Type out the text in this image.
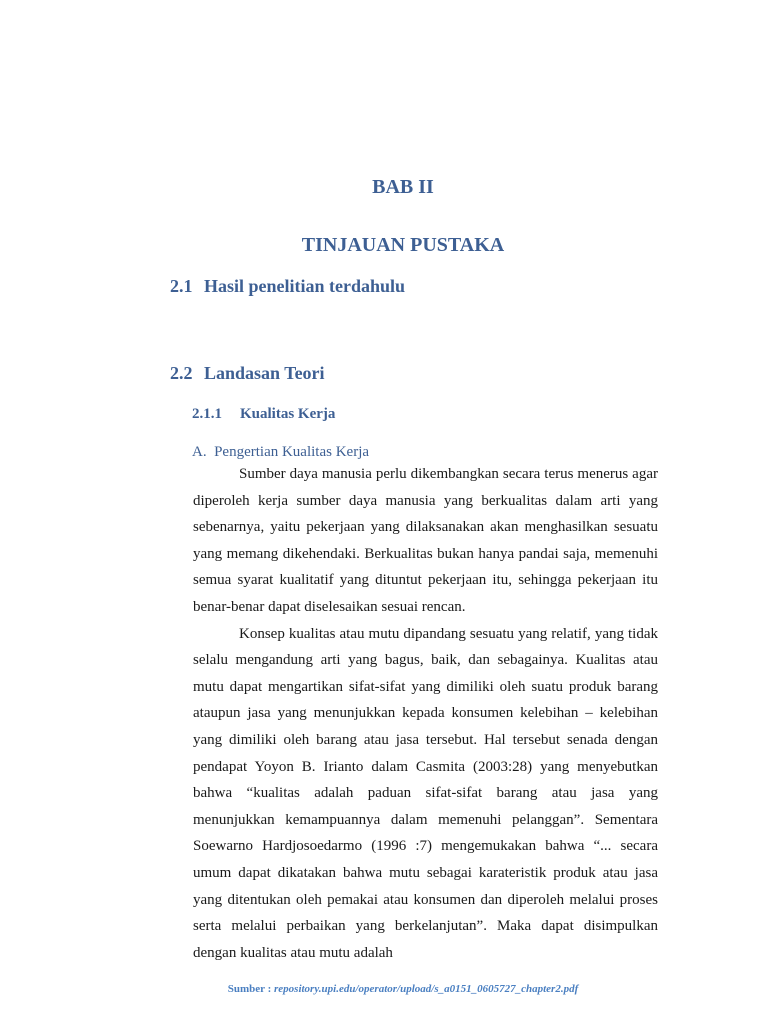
BAB II
TINJAUAN PUSTAKA
2.1 Hasil penelitian terdahulu
2.2 Landasan Teori
2.1.1 Kualitas Kerja
A.  Pengertian Kualitas Kerja

Sumber daya manusia perlu dikembangkan secara terus menerus agar diperoleh kerja sumber daya manusia yang berkualitas dalam arti yang sebenarnya, yaitu pekerjaan yang dilaksanakan akan menghasilkan sesuatu yang memang dikehendaki. Berkualitas bukan hanya pandai saja, memenuhi semua syarat kualitatif yang dituntut pekerjaan itu, sehingga pekerjaan itu benar-benar dapat diselesaikan sesuai rencan.

Konsep kualitas atau mutu dipandang sesuatu yang relatif, yang tidak selalu mengandung arti yang bagus, baik, dan sebagainya. Kualitas atau mutu dapat mengartikan sifat-sifat yang dimiliki oleh suatu produk barang ataupun jasa yang menunjukkan kepada konsumen kelebihan – kelebihan yang dimiliki oleh barang atau jasa tersebut. Hal tersebut senada dengan pendapat Yoyon B. Irianto dalam Casmita (2003:28) yang menyebutkan bahwa “kualitas adalah paduan sifat-sifat barang atau jasa yang menunjukkan kemampuannya dalam memenuhi pelanggan”. Sementara Soewarno Hardjosoedarmo (1996 :7) mengemukakan bahwa “... secara umum dapat dikatakan bahwa mutu sebagai karateristik produk atau jasa yang ditentukan oleh pemakai atau konsumen dan diperoleh melalui proses serta melalui perbaikan yang berkelanjutan”. Maka dapat disimpulkan dengan kualitas atau mutu adalah

Sumber : repository.upi.edu/operator/upload/s_a0151_0605727_chapter2.pdf
